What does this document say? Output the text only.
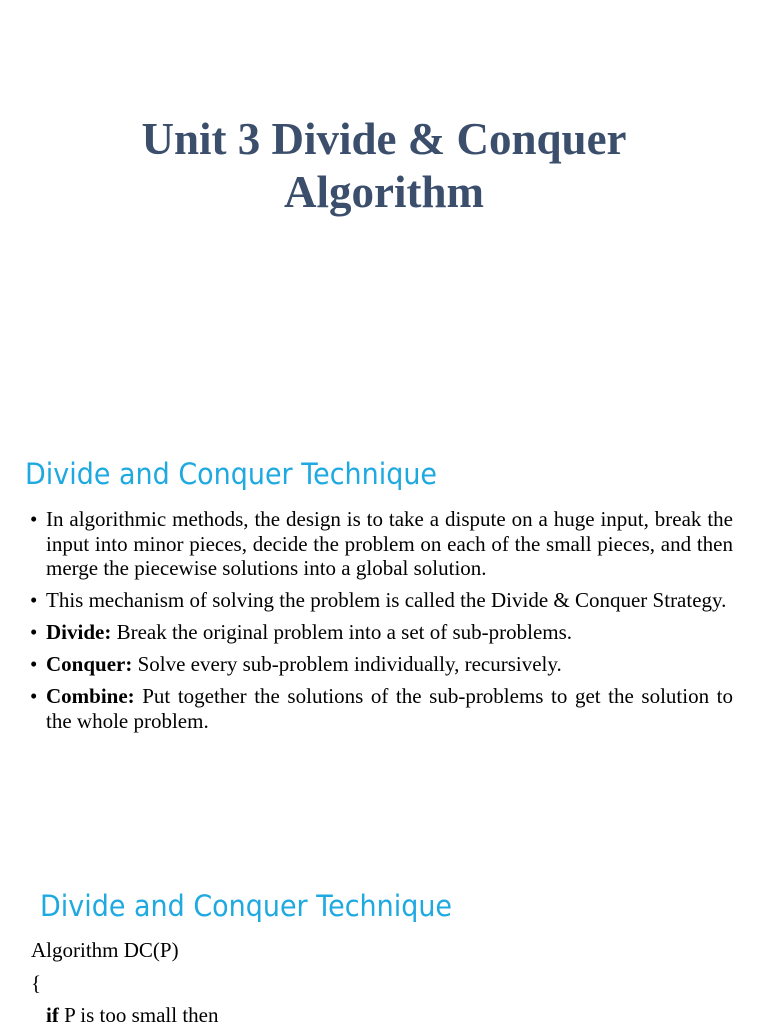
Unit 3 Divide & Conquer
Algorithm
Divide and Conquer Technique
• In algorithmic methods, the design is to take a dispute on a huge input, break the input into minor pieces, decide the problem on each of the small pieces, and then merge the piecewise solutions into a global solution.
• This mechanism of solving the problem is called the Divide & Conquer Strategy.
• Divide: Break the original problem into a set of sub-problems.
• Conquer: Solve every sub-problem individually, recursively.
• Combine: Put together the solutions of the sub-problems to get the solution to the whole problem.
Divide and Conquer Technique
Algorithm DC(P)
{
if P is too small then
